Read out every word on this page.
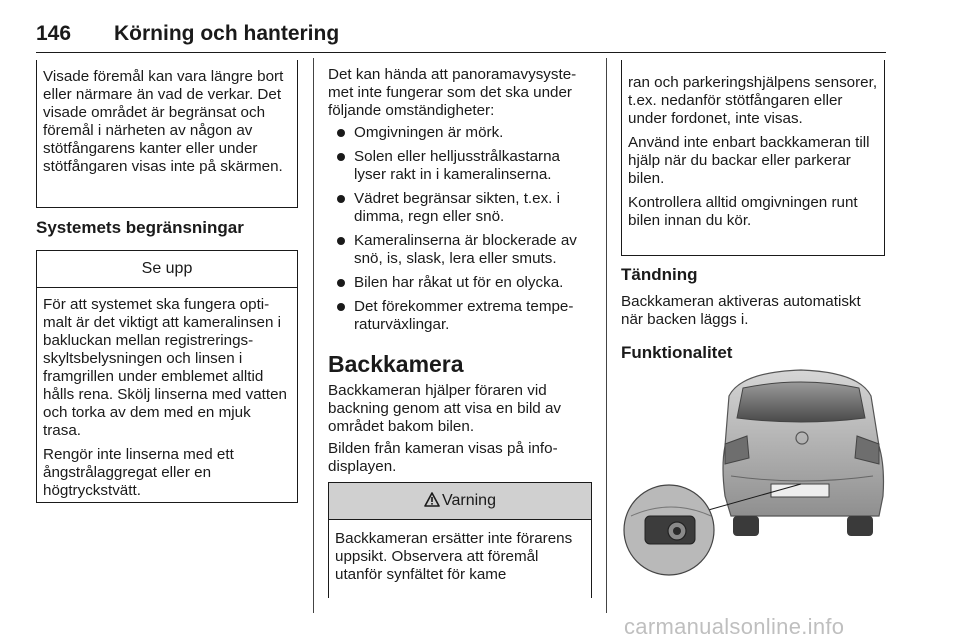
146 Körning och hantering

Visade föremål kan vara längre bort eller närmare än vad de verkar. Det visade området är begränsat och föremål i närheten av någon av stötfångarens kanter eller under stötfångaren visas inte på skärmen.

Systemets begränsningar
Se upp

För att systemet ska fungera optimalt är det viktigt att kameralinsen i bakluckan mellan registreringsskyltsbelysningen och linsen i framgrillen under emblemet alltid hålls rena. Skölj linserna med vatten och torka av dem med en mjuk trasa.

Rengör inte linserna med ett ångstrålaggregat eller en högtryckstvätt.

Det kan hända att panoramavysystemet inte fungerar som det ska under följande omständigheter:
Omgivningen är mörk.
Solen eller helljusstrålkastarna lyser rakt in i kameralinserna.
Vädret begränsar sikten, t.ex. i dimma, regn eller snö.
Kameralinserna är blockerade av snö, is, slask, lera eller smuts.
Bilen har råkat ut för en olycka.
Det förekommer extrema temperaturväxlingar.
Backkamera
Backkameran hjälper föraren vid backning genom att visa en bild av området bakom bilen.
Bilden från kameran visas på infodisplayen.
Varning

Backkameran ersätter inte förarens uppsikt. Observera att föremål utanför synfältet för kame

ran och parkeringshjälpens sensorer, t.ex. nedanför stötfångaren eller under fordonet, inte visas.

Använd inte enbart backkameran till hjälp när du backar eller parkerar bilen.

Kontrollera alltid omgivningen runt bilen innan du kör.

Tändning
Backkameran aktiveras automatiskt när backen läggs i.
Funktionalitet
carmanualsonline.info
